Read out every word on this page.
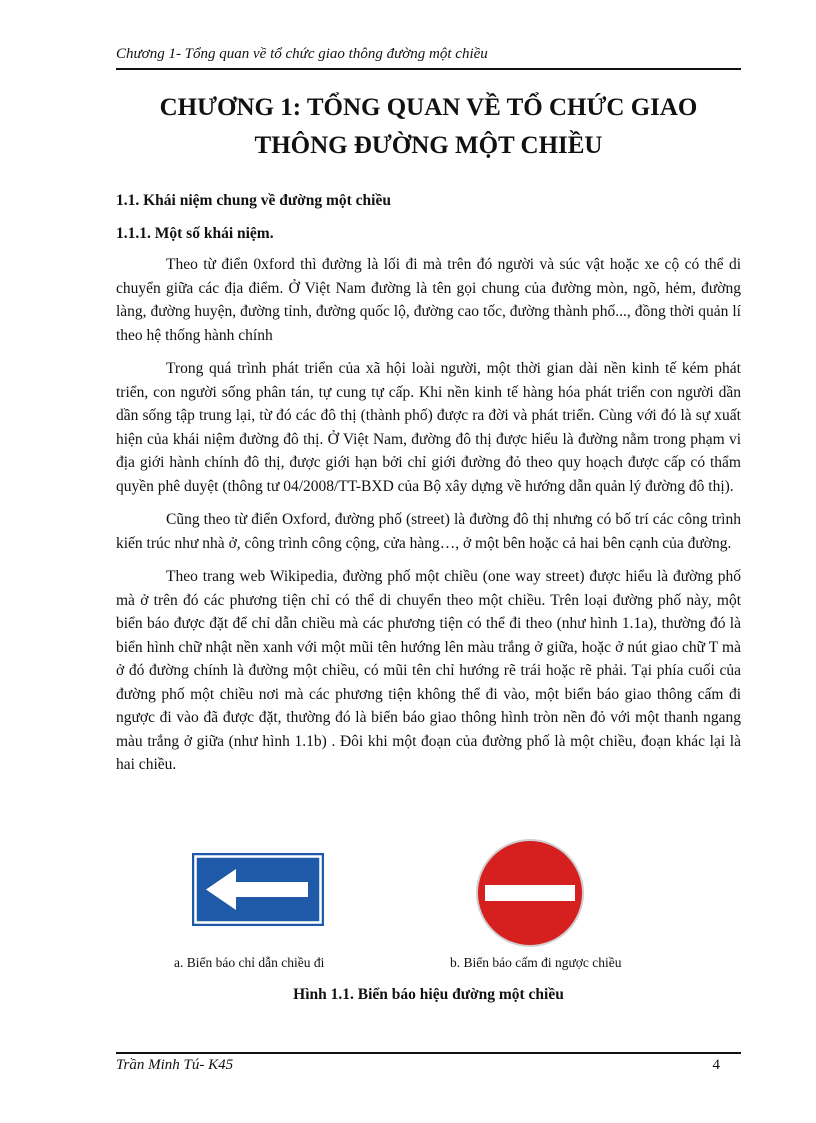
Chương 1- Tổng quan về tổ chức giao thông đường một chiều
CHƯƠNG 1: TỔNG QUAN VỀ TỔ CHỨC GIAO
THÔNG ĐƯỜNG MỘT CHIỀU
1.1. Khái niệm chung về đường một chiều
1.1.1. Một số khái niệm.

Theo từ điển 0xford thì đường là lối đi mà trên đó người và súc vật hoặc xe cộ có thể di chuyển giữa các địa điểm. Ở Việt Nam đường là tên gọi chung của đường mòn, ngõ, hẻm, đường làng, đường huyện, đường tỉnh, đường quốc lộ, đường cao tốc, đường thành phố..., đồng thời quản lí theo hệ thống hành chính

Trong quá trình phát triển của xã hội loài người, một thời gian dài nền kinh tế kém phát triển, con người sống phân tán, tự cung tự cấp. Khi nền kinh tế hàng hóa phát triển con người dần dần sống tập trung lại, từ đó các đô thị (thành phố) được ra đời và phát triển. Cùng với đó là sự xuất hiện của khái niệm đường đô thị. Ở Việt Nam, đường đô thị được hiểu là đường nằm trong phạm vi địa giới hành chính đô thị, được giới hạn bởi chỉ giới đường đỏ theo quy hoạch được cấp có thẩm quyền phê duyệt (thông tư 04/2008/TT-BXD của Bộ xây dựng về hướng dẫn quản lý đường đô thị).

Cũng theo từ điển Oxford, đường phố (street) là đường đô thị nhưng có bố trí các công trình kiến trúc như nhà ở, công trình công cộng, cửa hàng…, ở một bên hoặc cả hai bên cạnh của đường.

Theo trang web Wikipedia, đường phố một chiều (one way street) được hiểu là đường phố mà ở trên đó các phương tiện chỉ có thể di chuyển theo một chiều. Trên loại đường phố này, một biển báo được đặt để chỉ dẫn chiều mà các phương tiện có thể đi theo (như hình 1.1a), thường đó là biển hình chữ nhật nền xanh với một mũi tên hướng lên màu trắng ở giữa, hoặc ở nút giao chữ T mà ở đó đường chính là đường một chiều, có mũi tên chỉ hướng rẽ trái hoặc rẽ phải. Tại phía cuối của đường phố một chiều nơi mà các phương tiện không thể đi vào, một biển báo giao thông cấm đi ngược đi vào đã được đặt, thường đó là biển báo giao thông hình tròn nền đỏ với một thanh ngang màu trắng ở giữa (như hình 1.1b) . Đôi khi một đoạn của đường phố là một chiều, đoạn khác lại là hai chiều.

a. Biển báo chỉ dẫn chiều đi	b. Biển báo cấm đi ngược chiều
Hình 1.1. Biển báo hiệu đường một chiều
Trần Minh Tú- K45	4
